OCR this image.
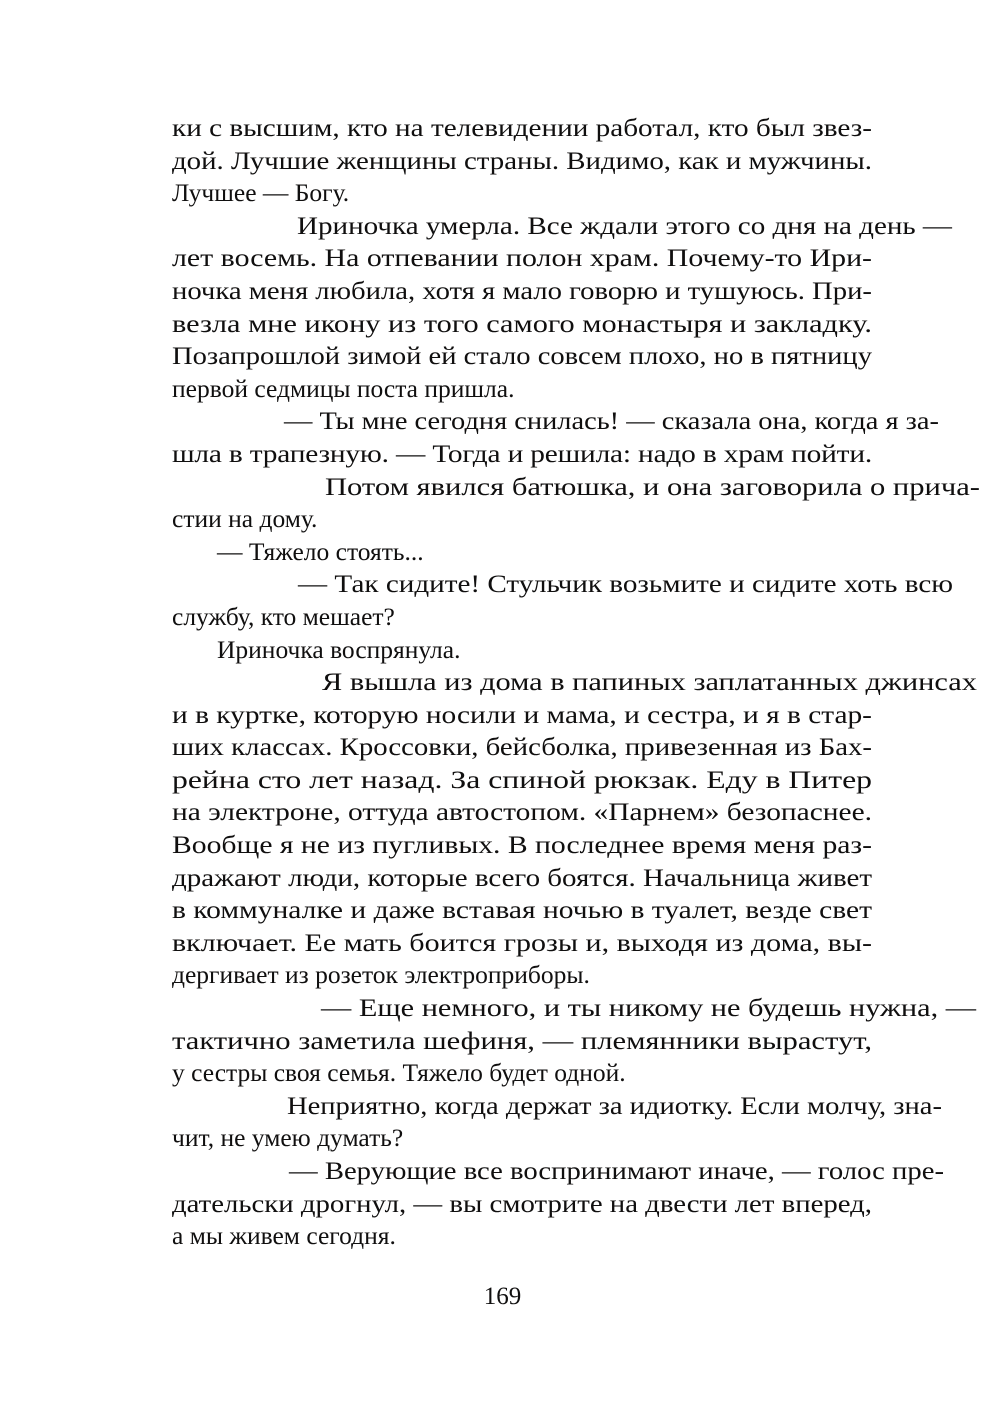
ки с высшим, кто на телевидении работал, кто был звез-
дой. Лучшие женщины страны. Видимо, как и мужчины.
Лучшее — Богу.

Ириночка умерла. Все ждали этого со дня на день —
лет восемь. На отпевании полон храм. Почему-то Ири-
ночка меня любила, хотя я мало говорю и тушуюсь. При-
везла мне икону из того самого монастыря и закладку.
Позапрошлой зимой ей стало совсем плохо, но в пятницу
первой седмицы поста пришла.

— Ты мне сегодня снилась! — сказала она, когда я за-
шла в трапезную. — Тогда и решила: надо в храм пойти.

Потом явился батюшка, и она заговорила о прича-
стии на дому.

— Тяжело стоять...

— Так сидите! Стульчик возьмите и сидите хоть всю
службу, кто мешает?

Ириночка воспрянула.

Я вышла из дома в папиных заплатанных джинсах
и в куртке, которую носили и мама, и сестра, и я в стар-
ших классах. Кроссовки, бейсболка, привезенная из Бах-
рейна сто лет назад. За спиной рюкзак. Еду в Питер
на электроне, оттуда автостопом. «Парнем» безопаснее.
Вообще я не из пугливых. В последнее время меня раз-
дражают люди, которые всего боятся. Начальница живет
в коммуналке и даже вставая ночью в туалет, везде свет
включает. Ее мать боится грозы и, выходя из дома, вы-
дергивает из розеток электроприборы.

— Еще немного, и ты никому не будешь нужна, —
тактично заметила шефиня, — племянники вырастут,
у сестры своя семья. Тяжело будет одной.

Неприятно, когда держат за идиотку. Если молчу, зна-
чит, не умею думать?

— Верующие все воспринимают иначе, — голос пре-
дательски дрогнул, — вы смотрите на двести лет вперед,
а мы живем сегодня.

169
